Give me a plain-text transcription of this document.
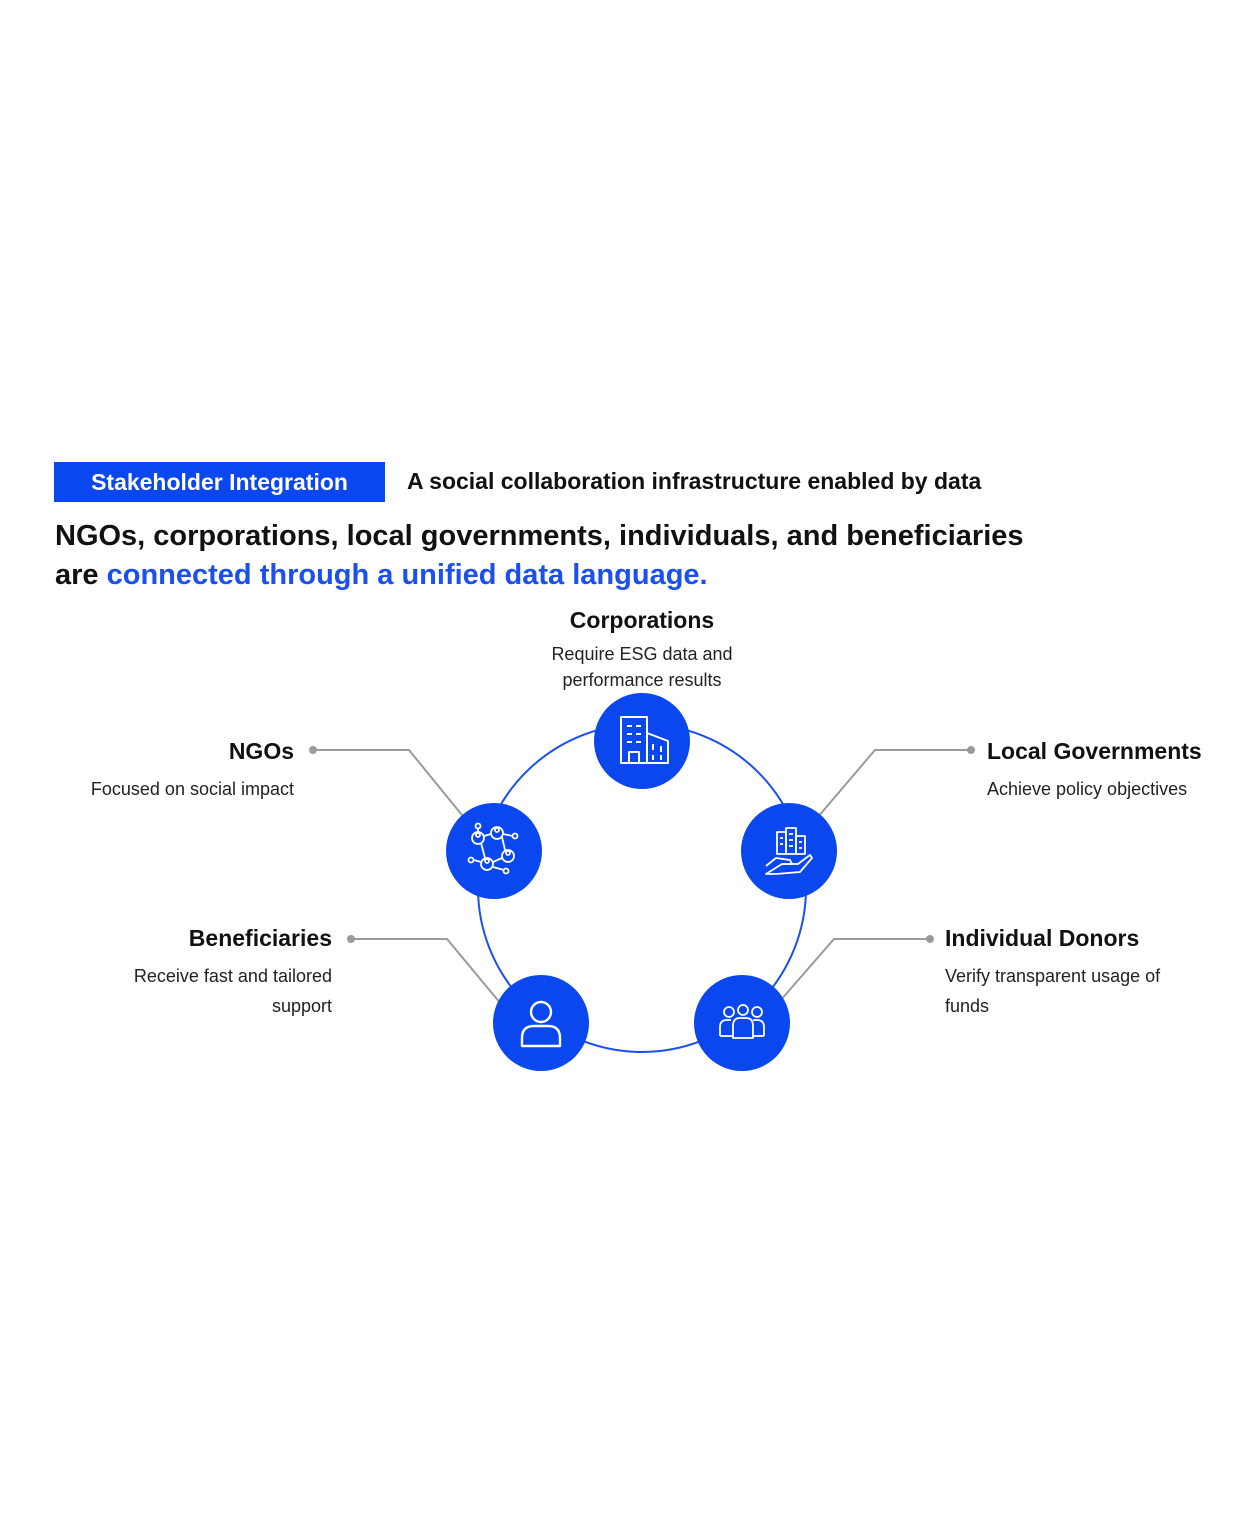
Stakeholder Integration	A social collaboration infrastructure enabled by data
NGOs, corporations, local governments, individuals, and beneficiaries
are connected through a unified data language.
Corporations
Require ESG data and
performance results
NGOs
Focused on social impact
Local Governments
Achieve policy objectives
Beneficiaries
Receive fast and tailored
support
Individual Donors
Verify transparent usage of
funds
